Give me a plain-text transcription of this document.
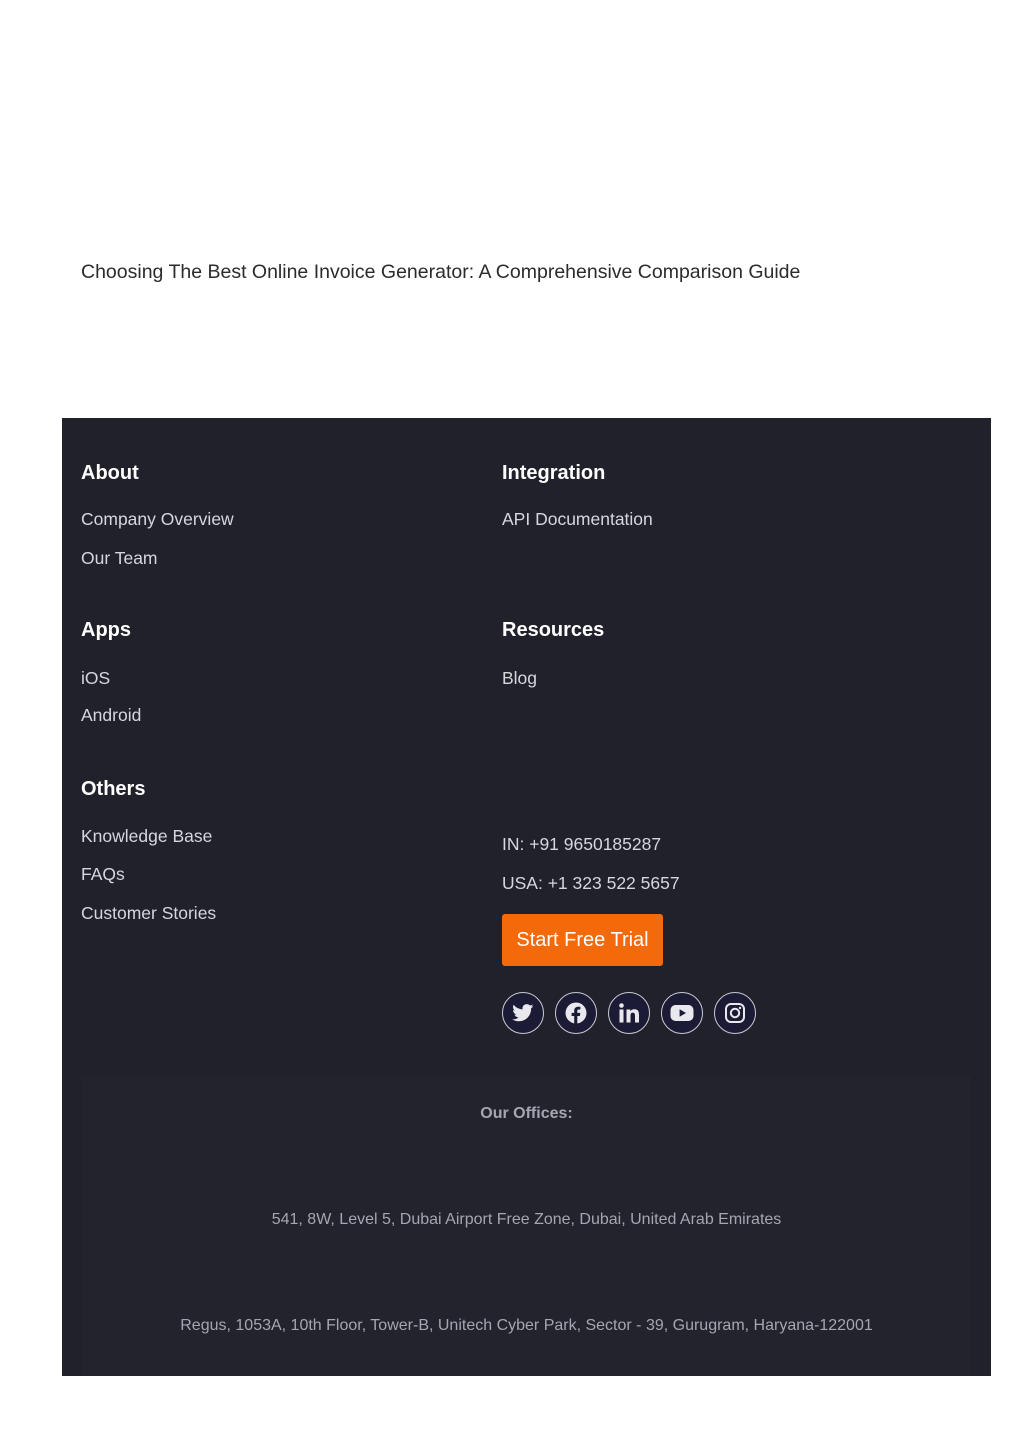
Choosing The Best Online Invoice Generator: A Comprehensive Comparison Guide
About
Company Overview
Our Team
Integration
API Documentation
Apps
iOS
Android
Resources
Blog
Others
Knowledge Base
FAQs
Customer Stories
IN: +91 9650185287
USA: +1 323 522 5657
Start Free Trial
Our Offices:
541, 8W, Level 5, Dubai Airport Free Zone, Dubai, United Arab Emirates
Regus, 1053A, 10th Floor, Tower-B, Unitech Cyber Park, Sector - 39, Gurugram, Haryana-122001
